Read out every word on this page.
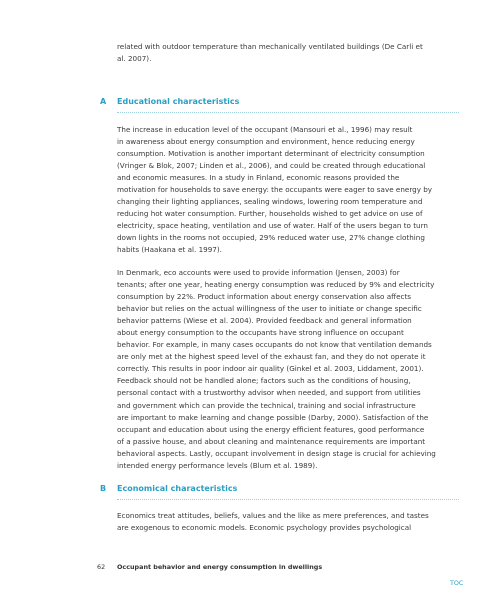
related with outdoor temperature than mechanically ventilated buildings (De Carli et
al. 2007).

A Educational characteristics

The increase in education level of the occupant (Mansouri et al., 1996) may result
in awareness about energy consumption and environment, hence reducing energy
consumption. Motivation is another important determinant of electricity consumption
(Vringer & Blok, 2007; Linden et al., 2006), and could be created through educational
and economic measures. In a study in Finland, economic reasons provided the
motivation for households to save energy: the occupants were eager to save energy by
changing their lighting appliances, sealing windows, lowering room temperature and
reducing hot water consumption. Further, households wished to get advice on use of
electricity, space heating, ventilation and use of water. Half of the users began to turn
down lights in the rooms not occupied, 29% reduced water use, 27% change clothing
habits (Haakana et al. 1997).

In Denmark, eco accounts were used to provide information (Jensen, 2003) for
tenants; after one year, heating energy consumption was reduced by 9% and electricity
consumption by 22%. Product information about energy conservation also affects
behavior but relies on the actual willingness of the user to initiate or change specific
behavior patterns (Wiese et al. 2004). Provided feedback and general information
about energy consumption to the occupants have strong influence on occupant
behavior. For example, in many cases occupants do not know that ventilation demands
are only met at the highest speed level of the exhaust fan, and they do not operate it
correctly. This results in poor indoor air quality (Ginkel et al. 2003, Liddament, 2001).
Feedback should not be handled alone; factors such as the conditions of housing,
personal contact with a trustworthy advisor when needed, and support from utilities
and government which can provide the technical, training and social infrastructure
are important to make learning and change possible (Darby, 2000). Satisfaction of the
occupant and education about using the energy efficient features, good performance
of a passive house, and about cleaning and maintenance requirements are important
behavioral aspects. Lastly, occupant involvement in design stage is crucial for achieving
intended energy performance levels (Blum et al. 1989).

B Economical characteristics

Economics treat attitudes, beliefs, values and the like as mere preferences, and tastes
are exogenous to economic models. Economic psychology provides psychological

62 Occupant behavior and energy consumption in dwellings
TOC
